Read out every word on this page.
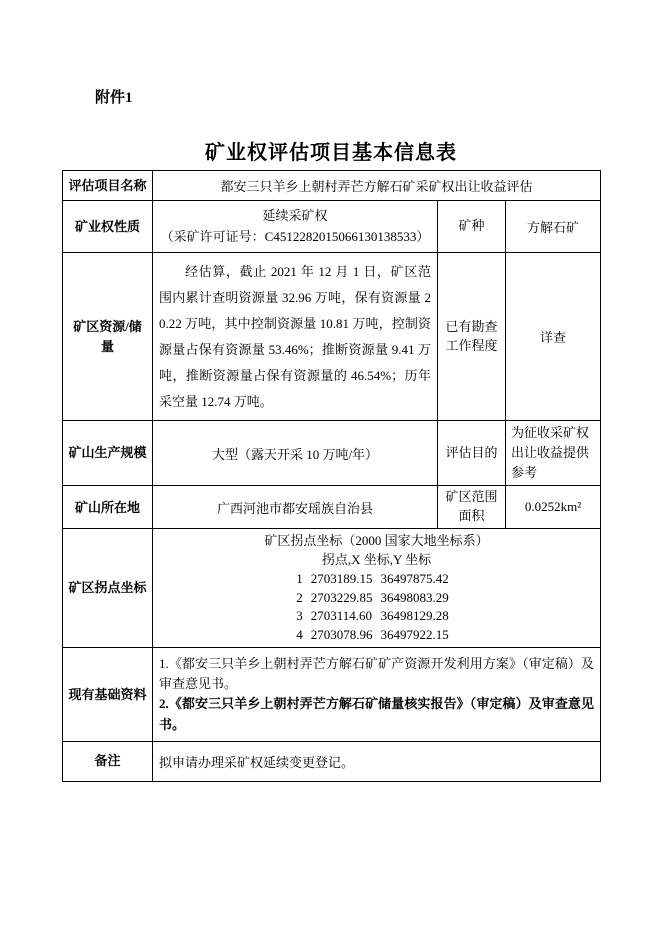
附件1
矿业权评估项目基本信息表
评估项目名称	都安三只羊乡上朝村弄芒方解石矿采矿权出让收益评估
矿业权性质	
延续采矿权
（采矿许可证号：C4512282015066130138533）
	矿种	方解石矿
矿区资源/储量	
经估算，截止 2021 年 12 月 1 日，矿区范围内累计查明资源量 32.96 万吨，保有资源量 20.22 万吨，其中控制资源量 10.81 万吨，控制资源量占保有资源量 53.46%；推断资源量 9.41 万吨，推断资源量占保有资源量的 46.54%；历年采空量 12.74 万吨。
	已有勘查工作程度	详查
矿山生产规模	大型（露天开采 10 万吨/年）	评估目的	为征收采矿权出让收益提供参考
矿山所在地	广西河池市都安瑶族自治县	矿区范围面积	0.0252km²
矿区拐点坐标	
矿区拐点坐标（2000 国家大地坐标系）
拐点,X 坐标,Y 坐标
1	2703189.15	36497875.42
2	2703229.85	36498083.29
3	2703114.60	36498129.28
4	2703078.96	36497922.15
现有基础资料	
1.《都安三只羊乡上朝村弄芒方解石矿矿产资源开发利用方案》（审定稿）及审查意见书。
2.《都安三只羊乡上朝村弄芒方解石矿储量核实报告》（审定稿）及审查意见书。

备注	拟申请办理采矿权延续变更登记。
